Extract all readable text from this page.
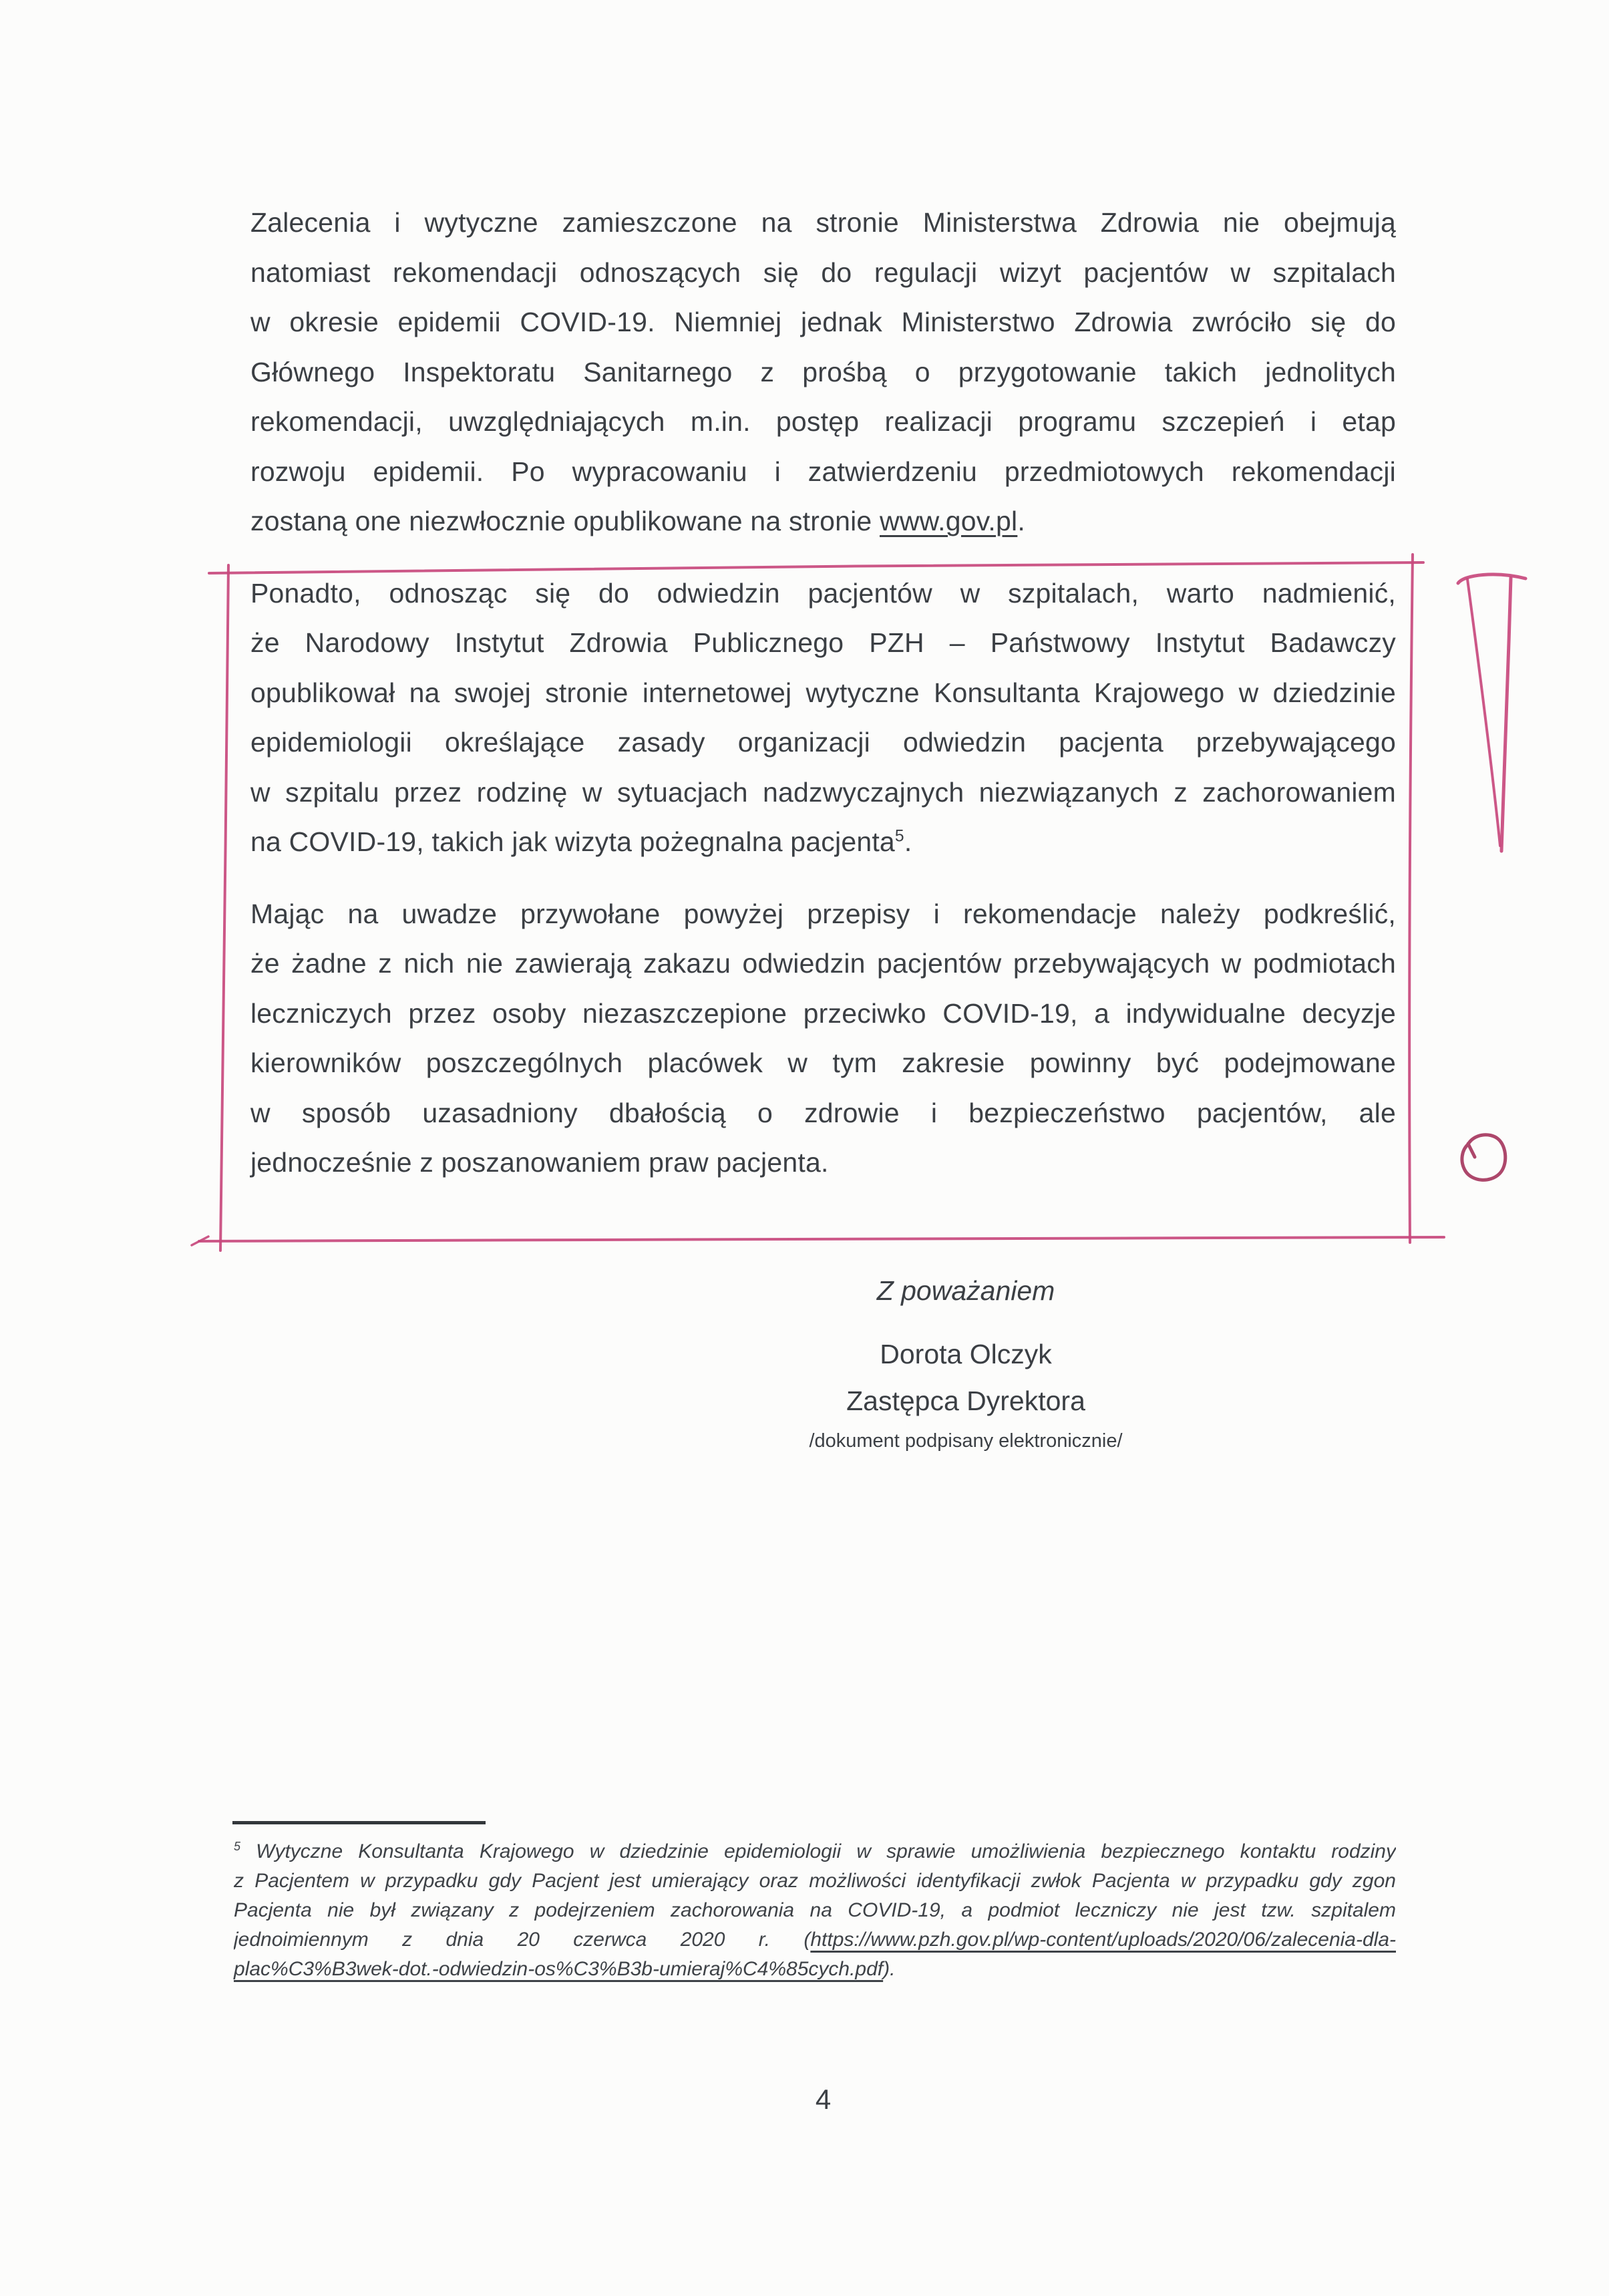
Zalecenia i wytyczne zamieszczone na stronie Ministerstwa Zdrowia nie obejmują
natomiast rekomendacji odnoszących się do regulacji wizyt pacjentów w szpitalach
w okresie epidemii COVID-19. Niemniej jednak Ministerstwo Zdrowia zwróciło się do
Głównego Inspektoratu Sanitarnego z prośbą o przygotowanie takich jednolitych
rekomendacji, uwzględniających m.in. postęp realizacji programu szczepień i etap
rozwoju epidemii. Po wypracowaniu i zatwierdzeniu przedmiotowych rekomendacji
zostaną one niezwłocznie opublikowane na stronie www.gov.pl.
Ponadto, odnosząc się do odwiedzin pacjentów w szpitalach, warto nadmienić,
że Narodowy Instytut Zdrowia Publicznego PZH – Państwowy Instytut Badawczy
opublikował na swojej stronie internetowej wytyczne Konsultanta Krajowego w dziedzinie
epidemiologii określające zasady organizacji odwiedzin pacjenta przebywającego
w szpitalu przez rodzinę w sytuacjach nadzwyczajnych niezwiązanych z zachorowaniem
na COVID-19, takich jak wizyta pożegnalna pacjenta$^5$.
Mając na uwadze przywołane powyżej przepisy i rekomendacje należy podkreślić,
że żadne z nich nie zawierają zakazu odwiedzin pacjentów przebywających w podmiotach
leczniczych przez osoby niezaszczepione przeciwko COVID-19, a indywidualne decyzje
kierowników poszczególnych placówek w tym zakresie powinny być podejmowane
w sposób uzasadniony dbałością o zdrowie i bezpieczeństwo pacjentów, ale
jednocześnie z poszanowaniem praw pacjenta.
Z poważaniem
Dorota Olczyk
Zastępca Dyrektora
/dokument podpisany elektronicznie/
$^5$ Wytyczne Konsultanta Krajowego w dziedzinie epidemiologii w sprawie umożliwienia bezpiecznego kontaktu rodziny
z Pacjentem w przypadku gdy Pacjent jest umierający oraz możliwości identyfikacji zwłok Pacjenta w przypadku gdy zgon
Pacjenta nie był związany z podejrzeniem zachorowania na COVID-19, a podmiot leczniczy nie jest tzw. szpitalem
jednoimiennym z dnia 20 czerwca 2020 r. (https://www.pzh.gov.pl/wp-content/uploads/2020/06/zalecenia-dla-
plac%C3%B3wek-dot.-odwiedzin-os%C3%B3b-umieraj%C4%85cych.pdf).
4
